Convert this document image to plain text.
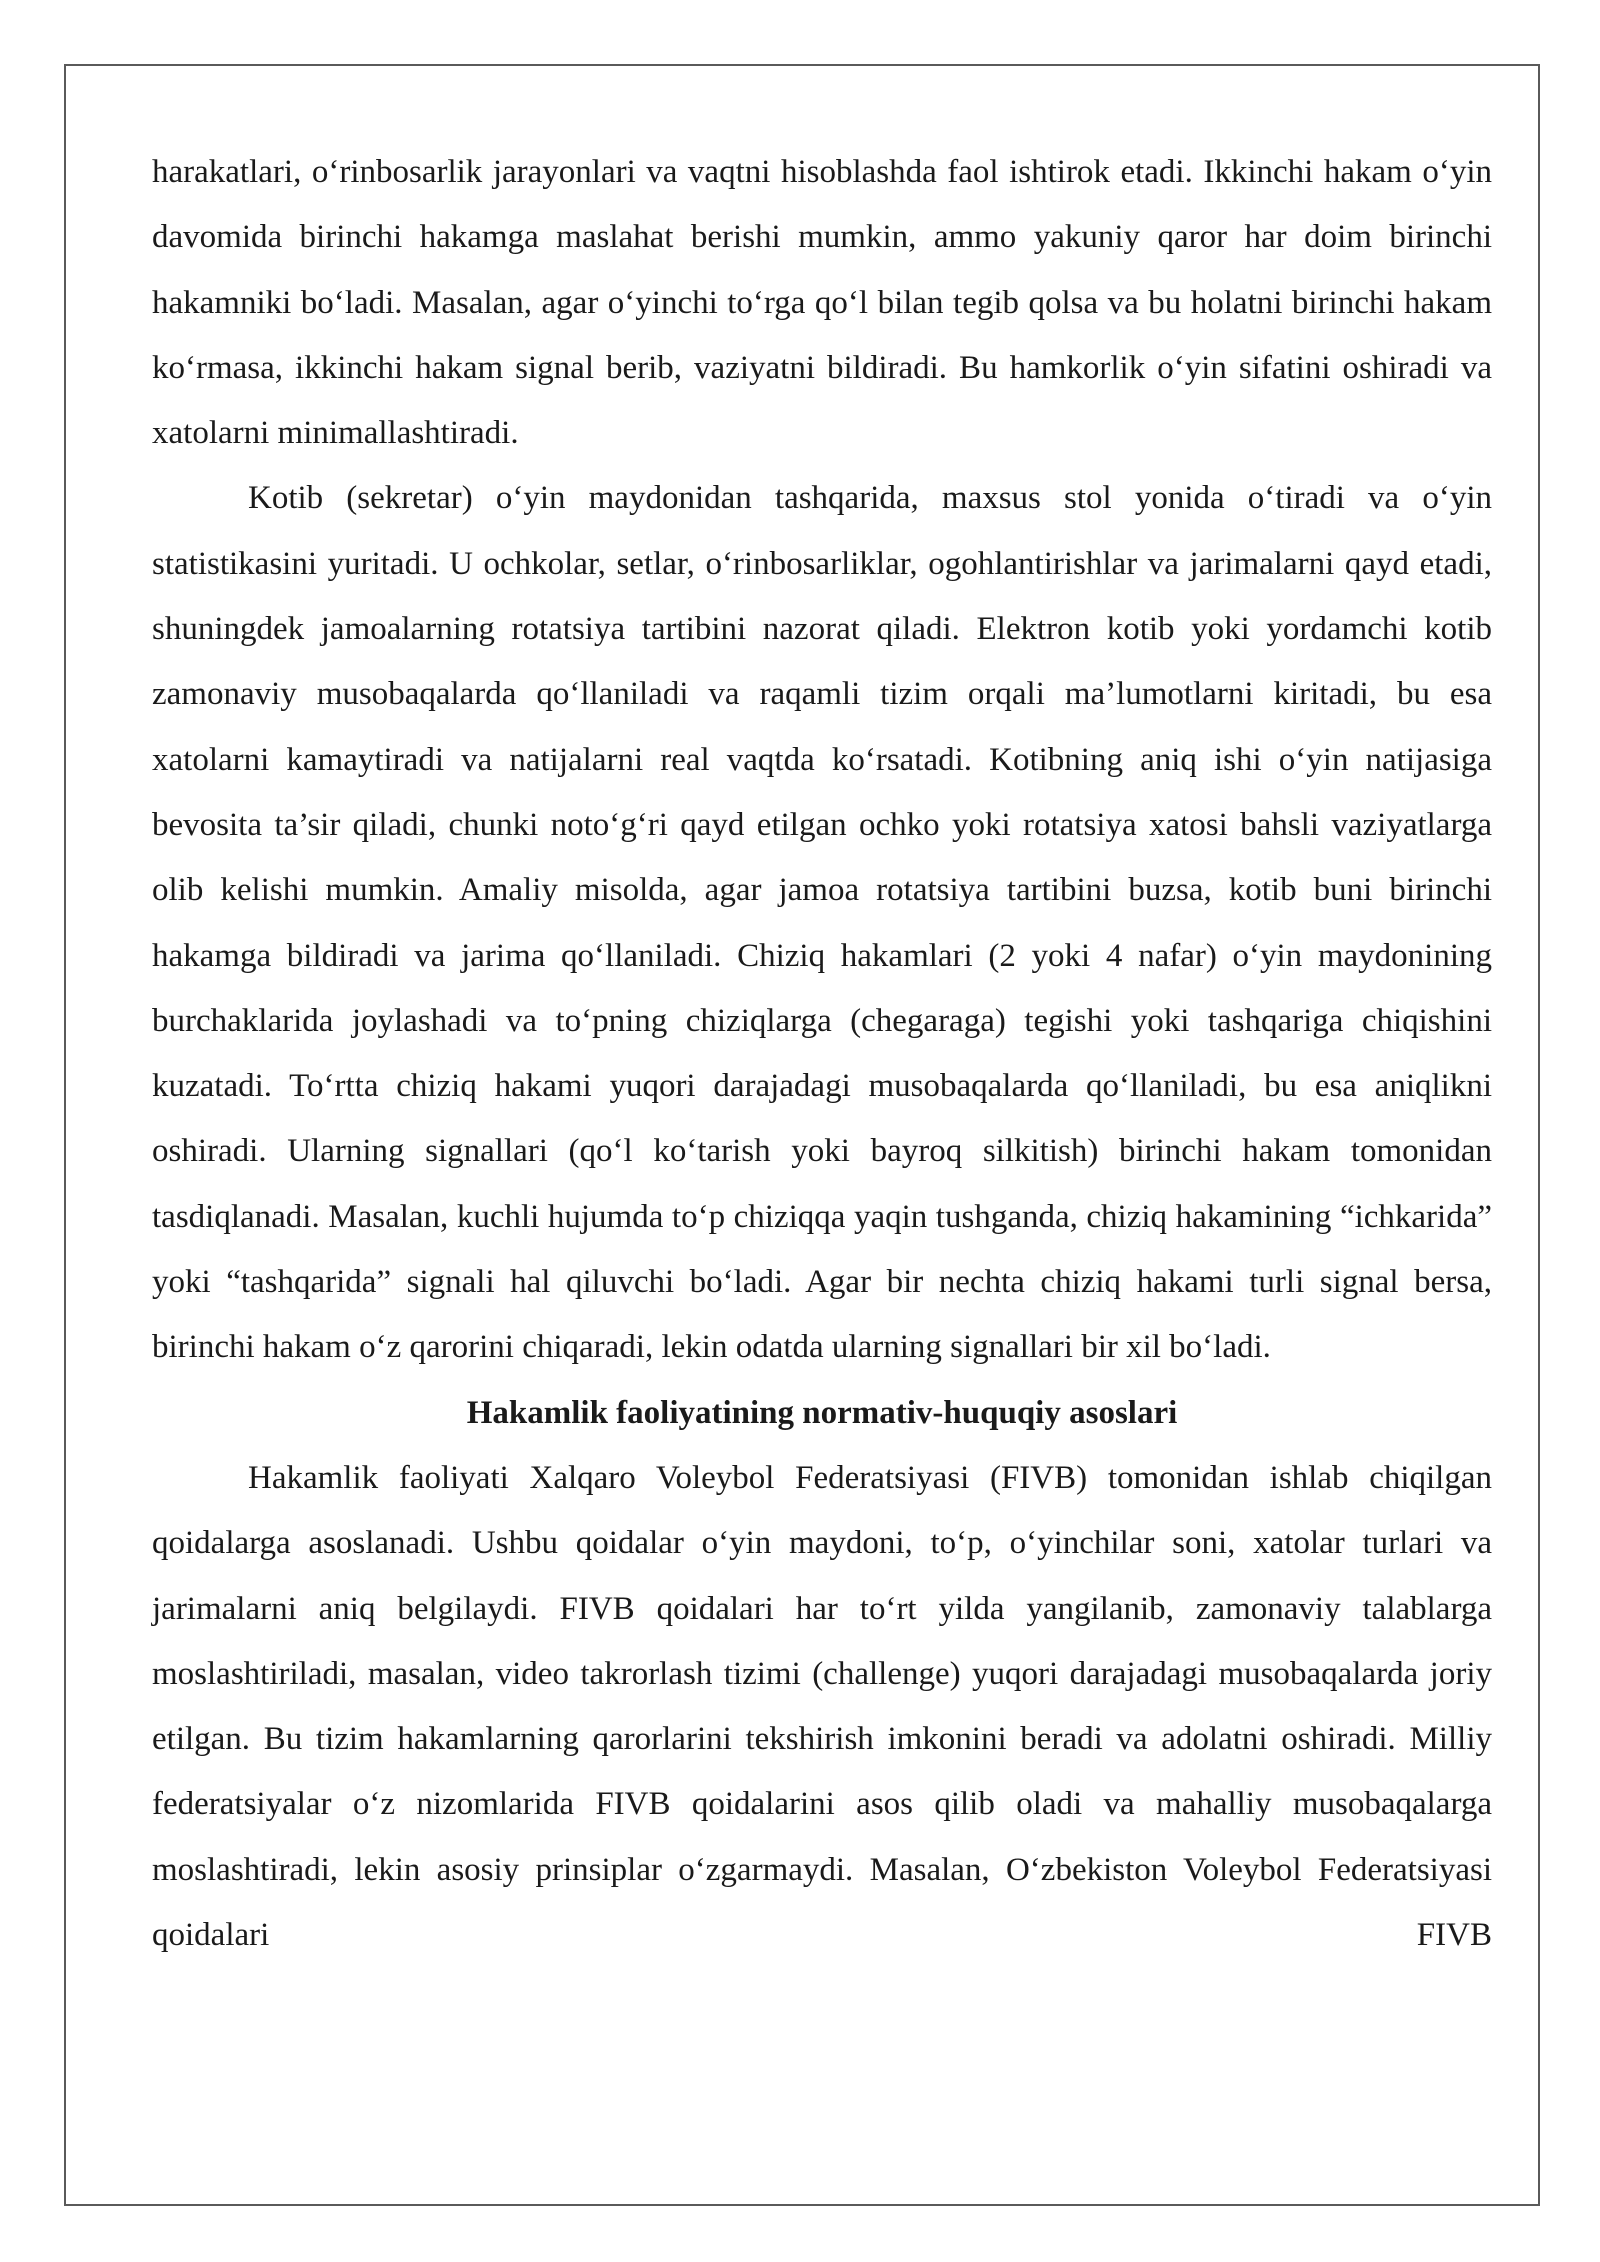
harakatlari, o‘rinbosarlik jarayonlari va vaqtni hisoblashda faol ishtirok etadi. Ikkinchi hakam o‘yin davomida birinchi hakamga maslahat berishi mumkin, ammo yakuniy qaror har doim birinchi hakamniki bo‘ladi. Masalan, agar o‘yinchi to‘rga qo‘l bilan tegib qolsa va bu holatni birinchi hakam ko‘rmasa, ikkinchi hakam signal berib, vaziyatni bildiradi. Bu hamkorlik o‘yin sifatini oshiradi va xatolarni minimallashtiradi.

Kotib (sekretar) o‘yin maydonidan tashqarida, maxsus stol yonida o‘tiradi va o‘yin statistikasini yuritadi. U ochkolar, setlar, o‘rinbosarliklar, ogohlantirishlar va jarimalarni qayd etadi, shuningdek jamoalarning rotatsiya tartibini nazorat qiladi. Elektron kotib yoki yordamchi kotib zamonaviy musobaqalarda qo‘llaniladi va raqamli tizim orqali ma’lumotlarni kiritadi, bu esa xatolarni kamaytiradi va natijalarni real vaqtda ko‘rsatadi. Kotibning aniq ishi o‘yin natijasiga bevosita ta’sir qiladi, chunki noto‘g‘ri qayd etilgan ochko yoki rotatsiya xatosi bahsli vaziyatlarga olib kelishi mumkin. Amaliy misolda, agar jamoa rotatsiya tartibini buzsa, kotib buni birinchi hakamga bildiradi va jarima qo‘llaniladi. Chiziq hakamlari (2 yoki 4 nafar) o‘yin maydonining burchaklarida joylashadi va to‘pning chiziqlarga (chegaraga) tegishi yoki tashqariga chiqishini kuzatadi. To‘rtta chiziq hakami yuqori darajadagi musobaqalarda qo‘llaniladi, bu esa aniqlikni oshiradi. Ularning signallari (qo‘l ko‘tarish yoki bayroq silkitish) birinchi hakam tomonidan tasdiqlanadi. Masalan, kuchli hujumda to‘p chiziqqa yaqin tushganda, chiziq hakamining “ichkarida” yoki “tashqarida” signali hal qiluvchi bo‘ladi. Agar bir nechta chiziq hakami turli signal bersa, birinchi hakam o‘z qarorini chiqaradi, lekin odatda ularning signallari bir xil bo‘ladi.

Hakamlik faoliyatining normativ-huquqiy asoslari

Hakamlik faoliyati Xalqaro Voleybol Federatsiyasi (FIVB) tomonidan ishlab chiqilgan qoidalarga asoslanadi. Ushbu qoidalar o‘yin maydoni, to‘p, o‘yinchilar soni, xatolar turlari va jarimalarni aniq belgilaydi. FIVB qoidalari har to‘rt yilda yangilanib, zamonaviy talablarga moslashtiriladi, masalan, video takrorlash tizimi (challenge) yuqori darajadagi musobaqalarda joriy etilgan. Bu tizim hakamlarning qarorlarini tekshirish imkonini beradi va adolatni oshiradi. Milliy federatsiyalar o‘z nizomlarida FIVB qoidalarini asos qilib oladi va mahalliy musobaqalarga moslashtiradi, lekin asosiy prinsiplar o‘zgarmaydi. Masalan, O‘zbekiston Voleybol Federatsiyasi qoidalari FIVB
